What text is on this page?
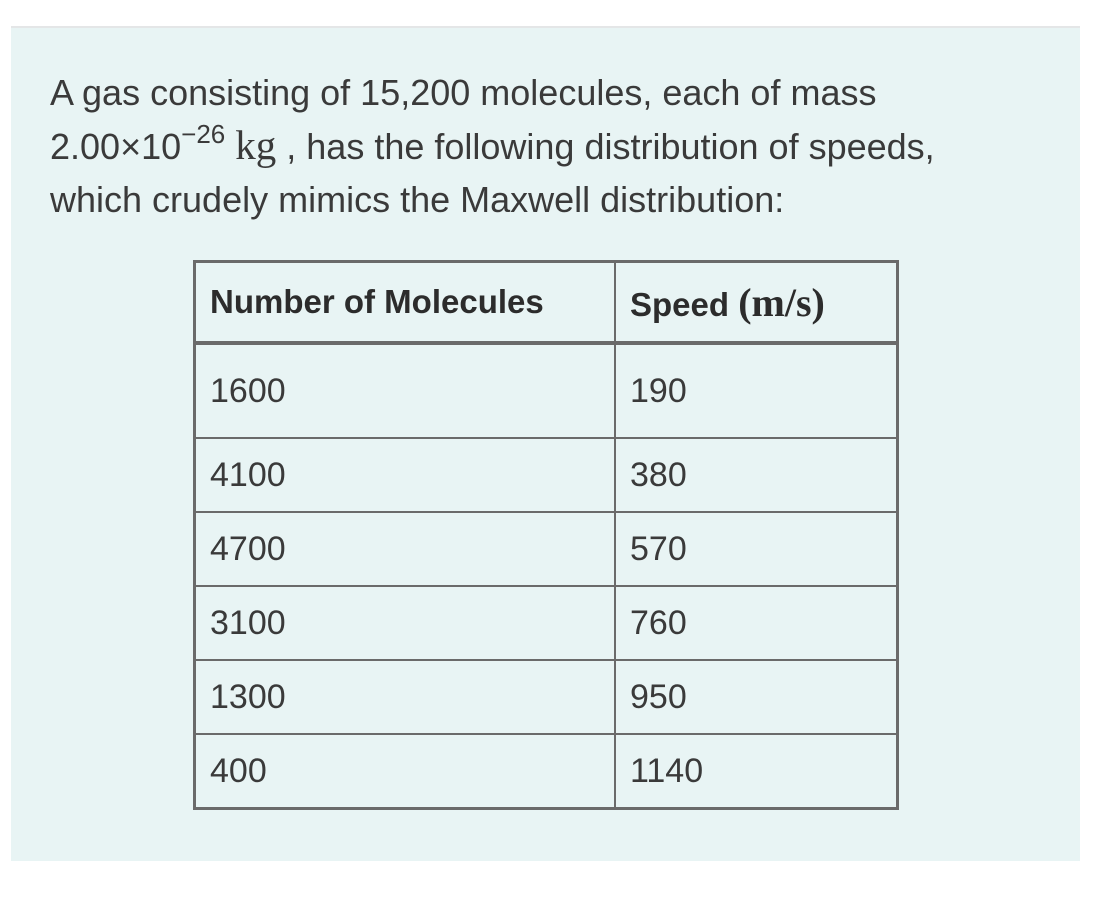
A gas consisting of 15,200 molecules, each of mass
$2.00\times 10^{-26}$ kg , has the following distribution of speeds,
which crudely mimics the Maxwell distribution:

Number of Molecules	Speed (m/s)
1600	190
4100	380
4700	570
3100	760
1300	950
400	1140
